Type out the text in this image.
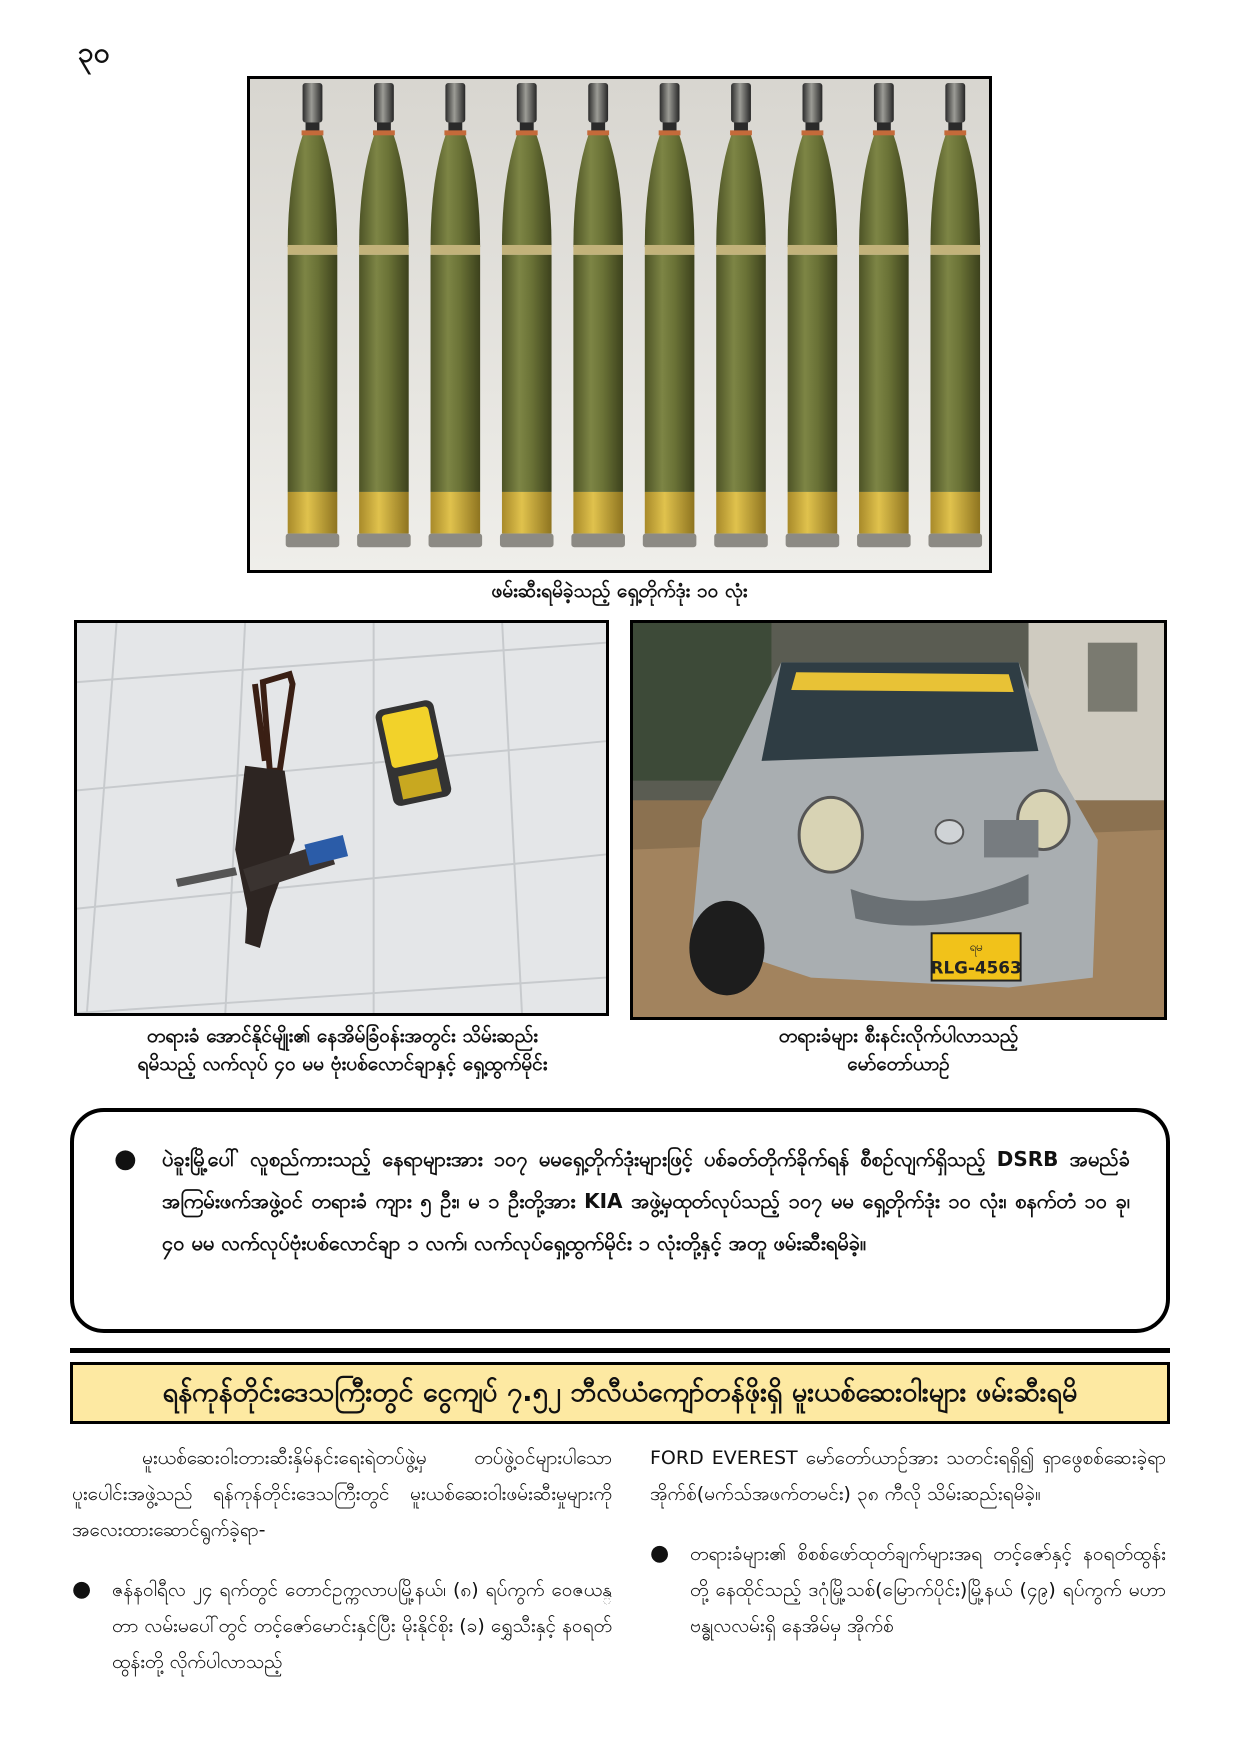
၃၀
ဖမ်းဆီးရမိခဲ့သည့် ရှေ့တိုက်ဒုံး ၁၀ လုံး
တရားခံ အောင်နိုင်မျိုး၏ နေအိမ်ခြံဝန်းအတွင်း သိမ်းဆည်း
ရမိသည့် လက်လုပ် ၄၀ မမ ဗုံးပစ်လောင်ချာနှင့် ရှေ့ထွက်မိုင်း
ရမ
RLG-4563
တရားခံများ စီးနင်းလိုက်ပါလာသည့်
မော်တော်ယာဉ်
●	ပဲခူးမြို့ပေါ် လူစည်ကားသည့် နေရာများအား ၁၀၇ မမရှေ့တိုက်ဒုံးများဖြင့် ပစ်ခတ်တိုက်ခိုက်ရန် စီစဉ်လျက်ရှိသည့် DSRB အမည်ခံအကြမ်းဖက်အဖွဲ့ဝင် တရားခံ ကျား ၅ ဦး၊ မ ၁ ဦးတို့အား KIA အဖွဲ့မှထုတ်လုပ်သည့် ၁၀၇ မမ ရှေ့တိုက်ဒုံး ၁၀ လုံး၊ စနက်တံ ၁၀ ခု၊ ၄၀ မမ လက်လုပ်ဗုံးပစ်လောင်ချာ ၁ လက်၊ လက်လုပ်ရှေ့ထွက်မိုင်း ၁ လုံးတို့နှင့် အတူ ဖမ်းဆီးရမိခဲ့။
ရန်ကုန်တိုင်းဒေသကြီးတွင် ငွေကျပ် ၇.၅၂ ဘီလီယံကျော်တန်ဖိုးရှိ မူးယစ်ဆေးဝါးများ ဖမ်းဆီးရမိ

မူးယစ်ဆေးဝါးတားဆီးနှိမ်နင်းရေးရဲတပ်ဖွဲ့မှ တပ်ဖွဲ့ဝင်များပါသော ပူးပေါင်းအဖွဲ့သည် ရန်ကုန်တိုင်းဒေသကြီးတွင် မူးယစ်ဆေးဝါးဖမ်းဆီးမှုများကို အလေးထားဆောင်ရွက်ခဲ့ရာ-

●	ဇန်နဝါရီလ ၂၄ ရက်တွင် တောင်ဥက္ကလာပမြို့နယ်၊ (၈) ရပ်ကွက် ဝေဇယန္တာ လမ်းမပေါ်တွင် တင့်ဇော်မောင်းနှင်ပြီး မိုးနိုင်စိုး (ခ) ရွှေသီးနှင့် နဝရတ်ထွန်းတို့ လိုက်ပါလာသည့်

FORD EVEREST မော်တော်ယာဉ်အား သတင်းရရှိ၍ ရှာဖွေစစ်ဆေးခဲ့ရာ အိုက်စ်(မက်သ်အဖက်တမင်း) ၃၈ ကီလို သိမ်းဆည်းရမိခဲ့။

●	တရားခံများ၏ စိစစ်ဖော်ထုတ်ချက်များအရ တင့်ဇော်နှင့် နဝရတ်ထွန်းတို့ နေထိုင်သည့် ဒဂုံမြို့သစ်(မြောက်ပိုင်း)မြို့နယ် (၄၉) ရပ်ကွက် မဟာဗန္ဓုလလမ်းရှိ နေအိမ်မှ အိုက်စ်
